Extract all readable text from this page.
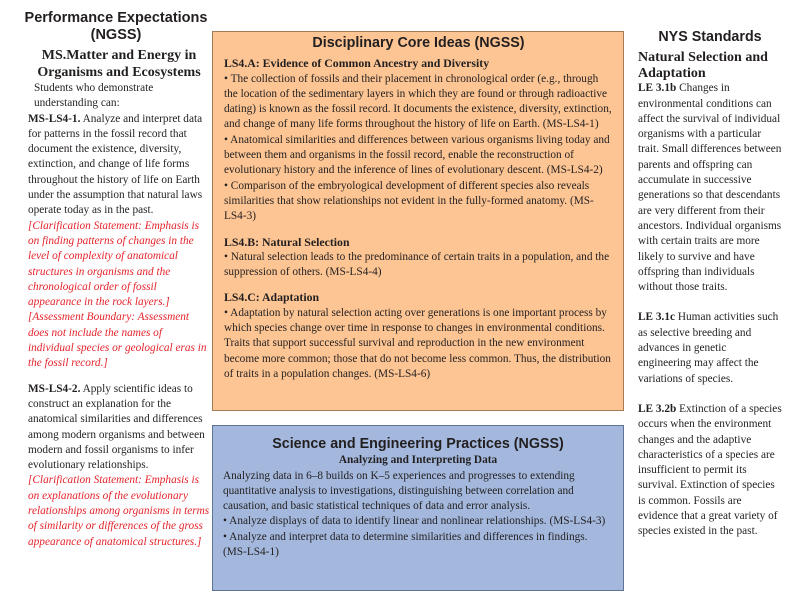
Performance Expectations (NGSS)
MS.Matter and Energy in Organisms and Ecosystems

Students who demonstrate understanding can:

MS-LS4-1. Analyze and interpret data for patterns in the fossil record that document the existence, diversity, extinction, and change of life forms throughout the history of life on Earth under the assumption that natural laws operate today as in the past. [Clarification Statement: Emphasis is on finding patterns of changes in the level of complexity of anatomical structures in organisms and the chronological order of fossil appearance in the rock layers.]

[Assessment Boundary: Assessment does not include the names of individual species or geological eras in the fossil record.]

MS-LS4-2. Apply scientific ideas to construct an explanation for the anatomical similarities and differences among modern organisms and between modern and fossil organisms to infer evolutionary relationships.

[Clarification Statement: Emphasis is on explanations of the evolutionary relationships among organisms in terms of similarity or differences of the gross appearance of anatomical structures.]

Disciplinary Core Ideas (NGSS)
LS4.A: Evidence of Common Ancestry and Diversity

• The collection of fossils and their placement in chronological order (e.g., through the location of the sedimentary layers in which they are found or through radioactive dating) is known as the fossil record. It documents the existence, diversity, extinction, and change of many life forms throughout the history of life on Earth. (MS-LS4-1)

• Anatomical similarities and differences between various organisms living today and between them and organisms in the fossil record, enable the reconstruction of evolutionary history and the inference of lines of evolutionary descent. (MS-LS4-2)

• Comparison of the embryological development of different species also reveals similarities that show relationships not evident in the fully-formed anatomy. (MS-LS4-3)

LS4.B: Natural Selection

• Natural selection leads to the predominance of certain traits in a population, and the suppression of others. (MS-LS4-4)

LS4.C: Adaptation

• Adaptation by natural selection acting over generations is one important process by which species change over time in response to changes in environmental conditions. Traits that support successful survival and reproduction in the new environment become more common; those that do not become less common. Thus, the distribution of traits in a population changes. (MS-LS4-6)

Science and Engineering Practices (NGSS)
Analyzing and Interpreting Data

Analyzing data in 6–8 builds on K–5 experiences and progresses to extending quantitative analysis to investigations, distinguishing between correlation and causation, and basic statistical techniques of data and error analysis.

• Analyze displays of data to identify linear and nonlinear relationships. (MS-LS4-3)

• Analyze and interpret data to determine similarities and differences in findings. (MS-LS4-1)

NYS Standards
Natural Selection and Adaptation

LE 3.1b Changes in environmental conditions can affect the survival of individual organisms with a particular trait. Small differences between parents and offspring can accumulate in successive generations so that descendants are very different from their ancestors. Individual organisms with certain traits are more likely to survive and have offspring than individuals without those traits.

LE 3.1c Human activities such as selective breeding and advances in genetic engineering may affect the variations of species.

LE 3.2b Extinction of a species occurs when the environment changes and the adaptive characteristics of a species are insufficient to permit its survival. Extinction of species is common. Fossils are evidence that a great variety of species existed in the past.
